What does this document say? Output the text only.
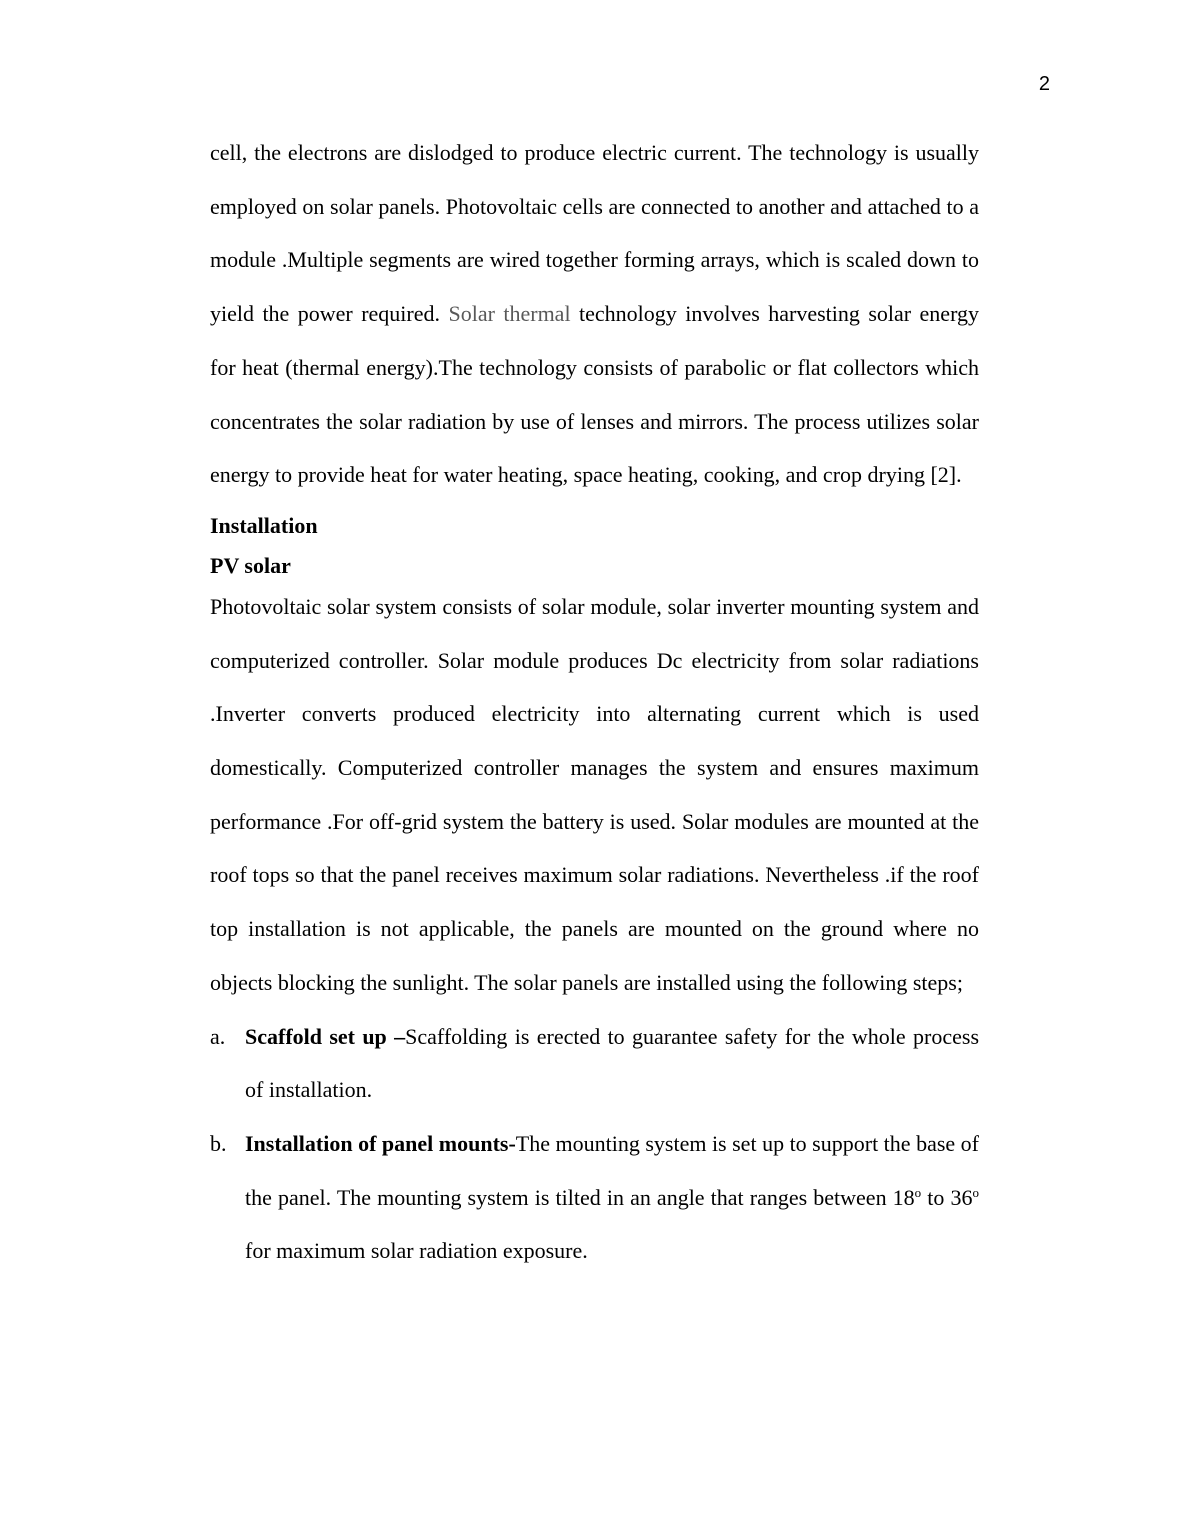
2

cell, the electrons are dislodged to produce electric current. The technology is usually employed on solar panels. Photovoltaic cells are connected to another and attached to a module .Multiple segments are wired together forming arrays, which is scaled down to yield the power required. Solar thermal technology involves harvesting solar energy for heat (thermal energy).The technology consists of parabolic or flat collectors which concentrates the solar radiation by use of lenses and mirrors. The process utilizes solar energy to provide heat for water heating, space heating, cooking, and crop drying [2].

Installation
PV solar

Photovoltaic solar system consists of solar module, solar inverter mounting system and computerized controller. Solar module produces Dc electricity from solar radiations .Inverter converts produced electricity into alternating current which is used domestically. Computerized controller manages the system and ensures maximum performance .For off-grid system the battery is used. Solar modules are mounted at the roof tops so that the panel receives maximum solar radiations. Nevertheless .if the roof top installation is not applicable, the panels are mounted on the ground where no objects blocking the sunlight. The solar panels are installed using the following steps;

a. Scaffold set up –Scaffolding is erected to guarantee safety for the whole process of installation.
b. Installation of panel mounts-The mounting system is set up to support the base of the panel. The mounting system is tilted in an angle that ranges between 18$^o$ to 36$^o$ for maximum solar radiation exposure.
